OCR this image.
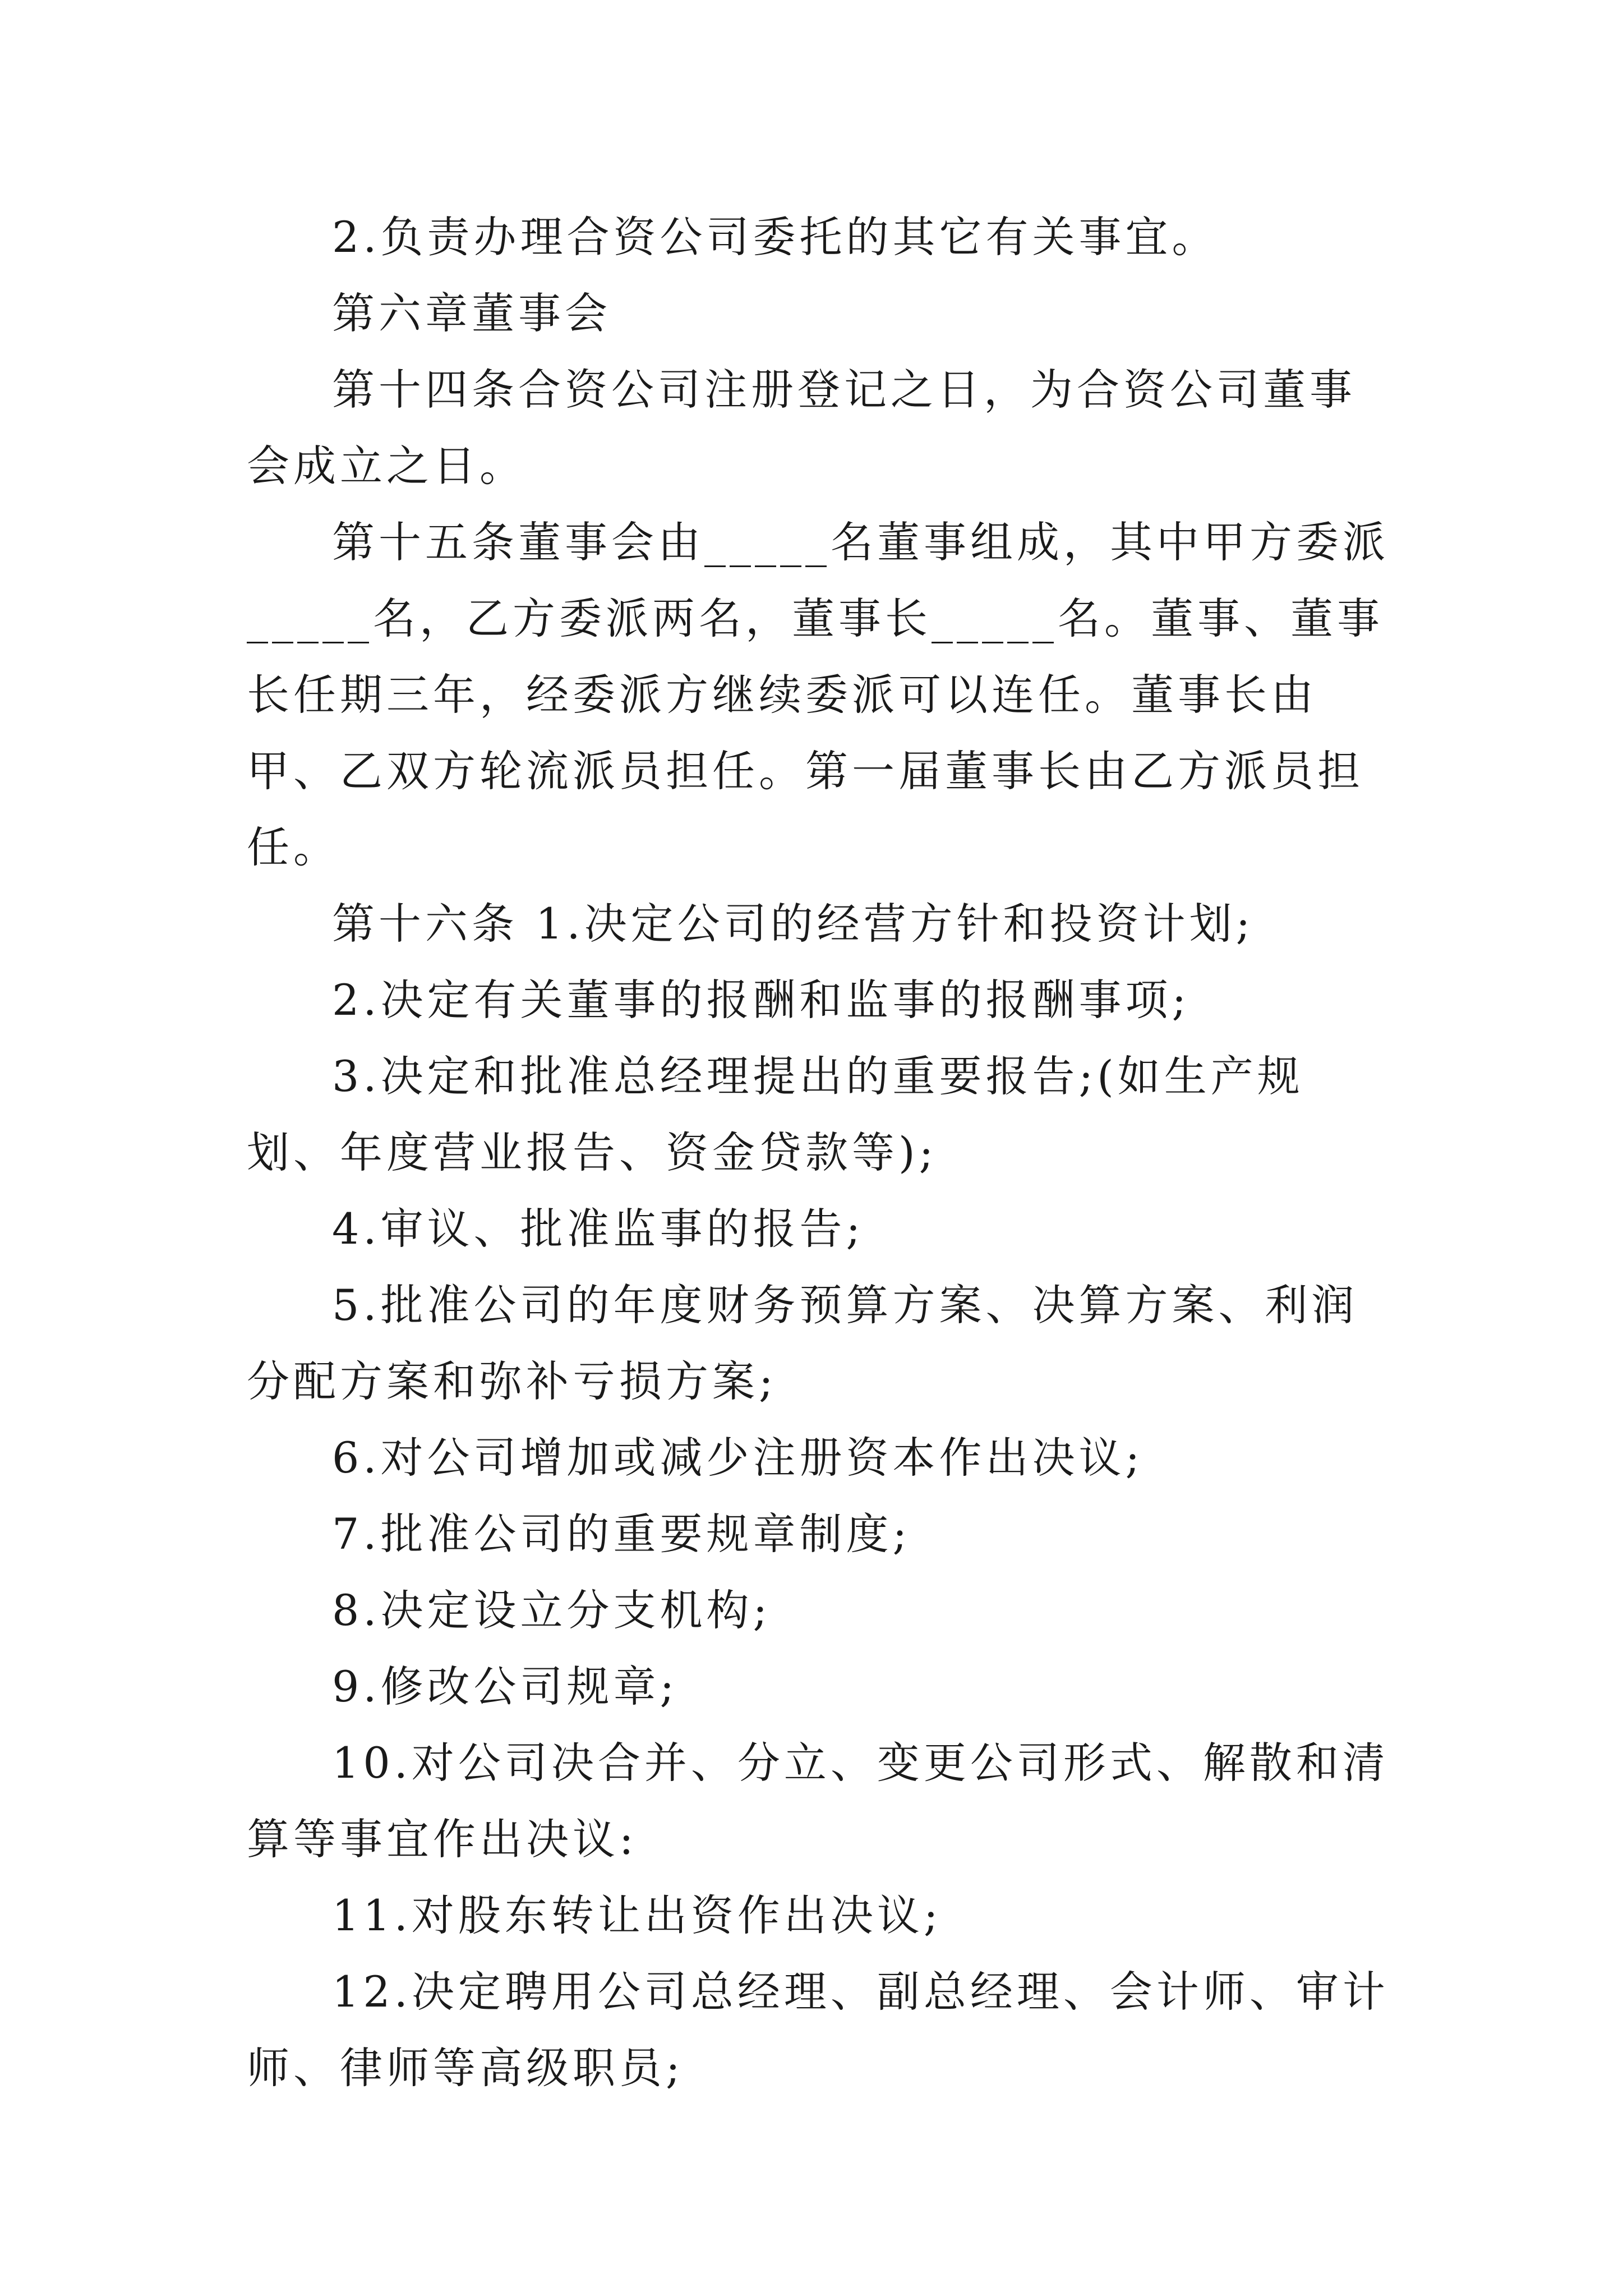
2.负责办理合资公司委托的其它有关事宜。

第六章董事会

第十四条合资公司注册登记之日，为合资公司董事会成立之日。

第十五条董事会由_____名董事组成，其中甲方委派_____名，乙方委派两名，董事长_____名。董事、董事长任期三年，经委派方继续委派可以连任。董事长由甲、乙双方轮流派员担任。第一届董事长由乙方派员担任。

第十六条 1.决定公司的经营方针和投资计划;

2.决定有关董事的报酬和监事的报酬事项;

3.决定和批准总经理提出的重要报告;(如生产规划、年度营业报告、资金贷款等);

4.审议、批准监事的报告;

5.批准公司的年度财务预算方案、决算方案、利润分配方案和弥补亏损方案;

6.对公司增加或减少注册资本作出决议;

7.批准公司的重要规章制度;

8.决定设立分支机构;

9.修改公司规章;

10.对公司决合并、分立、变更公司形式、解散和清算等事宜作出决议:

11.对股东转让出资作出决议;

12.决定聘用公司总经理、副总经理、会计师、审计师、律师等高级职员;
